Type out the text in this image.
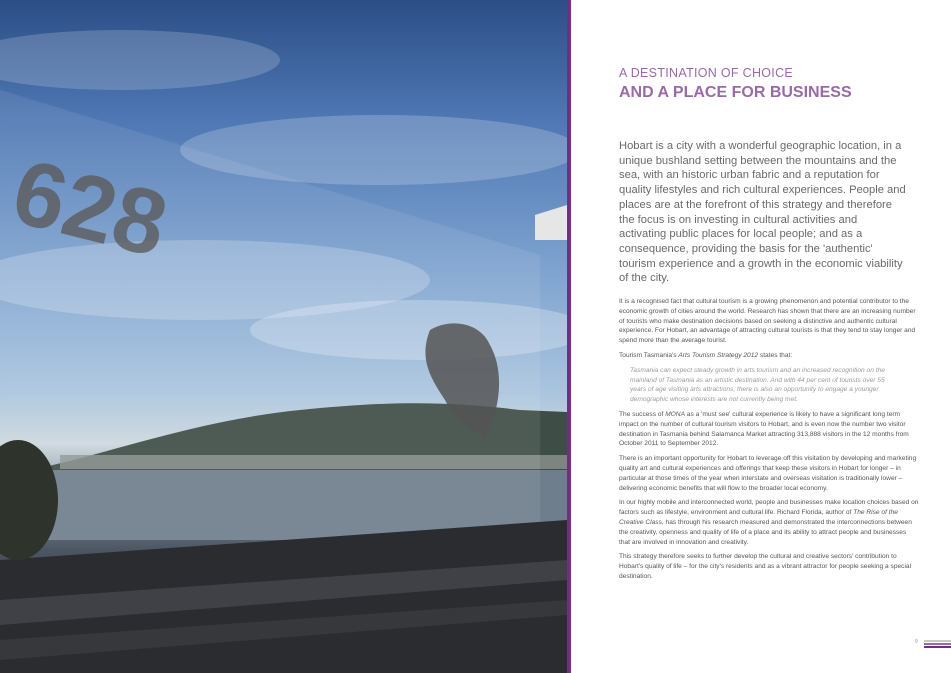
628
A DESTINATION OF CHOICE
AND A PLACE FOR BUSINESS

Hobart is a city with a wonderful geographic location, in a unique bushland setting between the mountains and the sea, with an historic urban fabric and a reputation for quality lifestyles and rich cultural experiences. People and places are at the forefront of this strategy and therefore the focus is on investing in cultural activities and activating public places for local people; and as a consequence, providing the basis for the 'authentic' tourism experience and a growth in the economic viability of the city.

It is a recognised fact that cultural tourism is a growing phenomenon and potential contributor to the economic growth of cities around the world. Research has shown that there are an increasing number of tourists who make destination decisions based on seeking a distinctive and authentic cultural experience. For Hobart, an advantage of attracting cultural tourists is that they tend to stay longer and spend more than the average tourist.

Tourism Tasmania's Arts Tourism Strategy 2012 states that:

Tasmania can expect steady growth in arts tourism and an increased recognition on the mainland of Tasmania as an artistic destination. And with 44 per cent of tourists over 55 years of age visiting arts attractions, there is also an opportunity to engage a younger demographic whose interests are not currently being met.

The success of MONA as a 'must see' cultural experience is likely to have a significant long term impact on the number of cultural tourism visitors to Hobart, and is even now the number two visitor destination in Tasmania behind Salamanca Market attracting 313,888 visitors in the 12 months from October 2011 to September 2012.

There is an important opportunity for Hobart to leverage off this visitation by developing and marketing quality art and cultural experiences and offerings that keep these visitors in Hobart for longer – in particular at those times of the year when interstate and overseas visitation is traditionally lower – delivering economic benefits that will flow to the broader local economy.

In our highly mobile and interconnected world, people and businesses make location choices based on factors such as lifestyle, environment and cultural life. Richard Florida, author of The Rise of the Creative Class, has through his research measured and demonstrated the interconnections between the creativity, openness and quality of life of a place and its ability to attract people and businesses that are involved in innovation and creativity.

This strategy therefore seeks to further develop the cultural and creative sectors' contribution to Hobart's quality of life – for the city's residents and as a vibrant attractor for people seeking a special destination.

9
